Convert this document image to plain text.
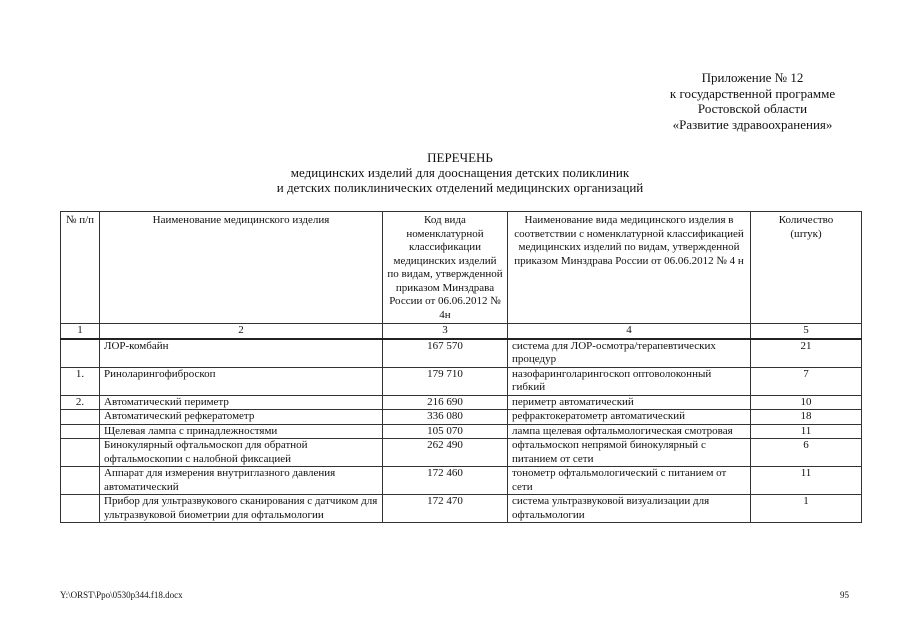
Приложение № 12
к государственной программе
Ростовской области
«Развитие здравоохранения»
ПЕРЕЧЕНЬ
медицинских изделий для дооснащения детских поликлиник
и детских поликлинических отделений медицинских организаций
№ п/п	Наименование медицинского изделия	Код вида номенклатурной классификации медицинских изделий по видам, утвержденной приказом Минздрава России от 06.06.2012 № 4н	Наименование вида медицинского изделия в соответствии с номенклатурной классификацией медицинских изделий по видам, утвержденной приказом Минздрава России от 06.06.2012 № 4 н	Количество (штук)
1	2	3	4	5
	ЛОР-комбайн	167 570	система для ЛОР-осмотра/терапевтических процедур	21
1.	Риноларингофиброскоп	179 710	назофаринголарингоскоп оптоволоконный гибкий	7
2.	Автоматический периметр	216 690	периметр автоматический	10
	Автоматический рефкератометр	336 080	рефрактокератометр автоматический	18
	Щелевая лампа с принадлежностями	105 070	лампа щелевая офтальмологическая смотровая	11
	Бинокулярный офтальмоскоп для обратной офтальмоскопии с налобной фиксацией	262 490	офтальмоскоп непрямой бинокулярный с питанием от сети	6
	Аппарат для измерения внутриглазного давления автоматический	172 460	тонометр офтальмологический с питанием от сети	11
	Прибор для ультразвукового сканирования с датчиком для ультразвуковой биометрии для офтальмологии	172 470	система ультразвуковой визуализации для офтальмологии	1
Y:\ORST\Ppo\0530p344.f18.docx	95
